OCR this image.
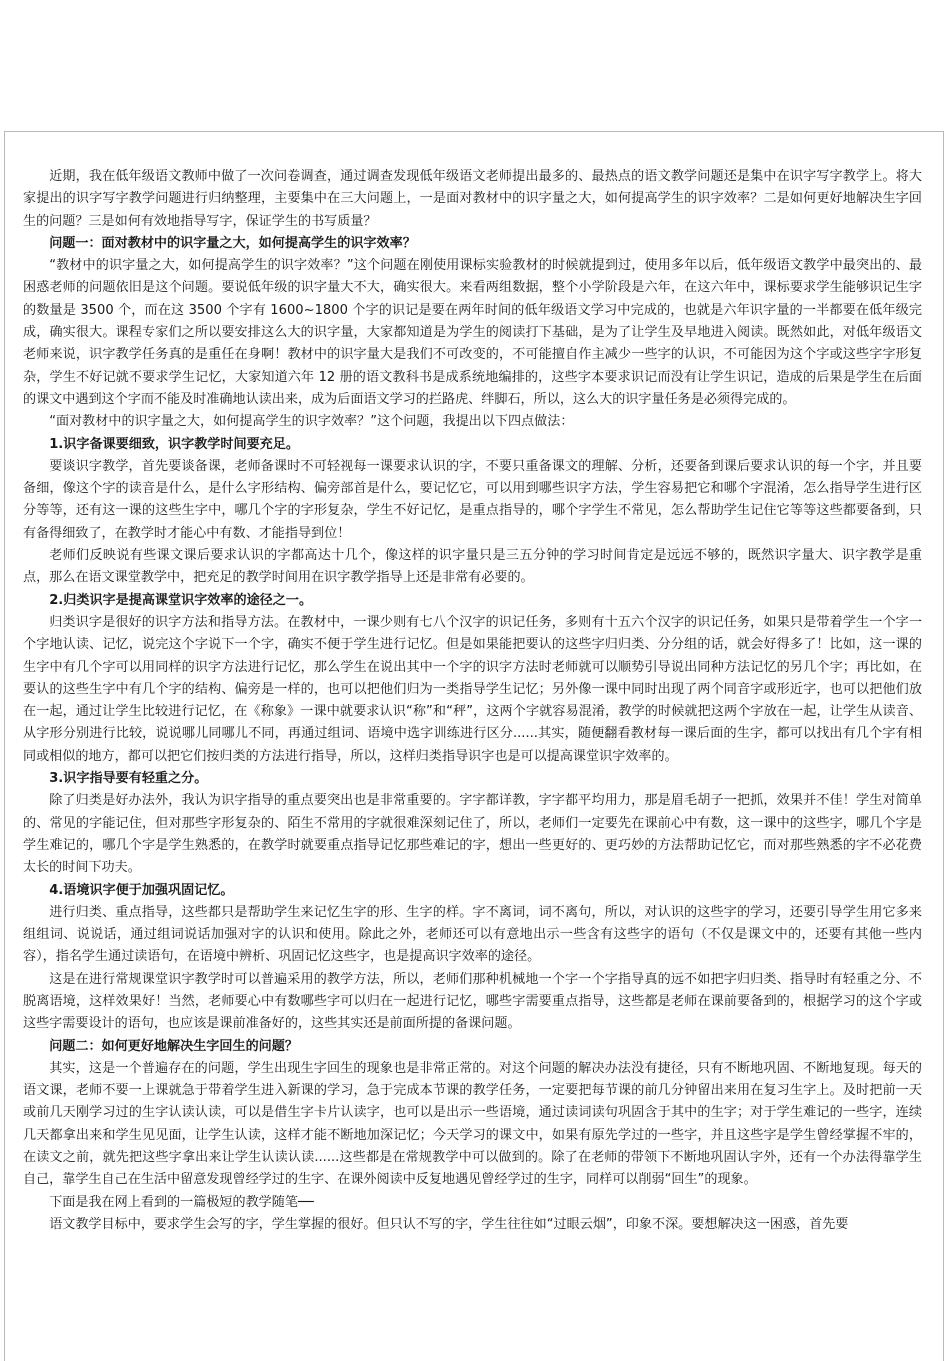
近期，我在低年级语文教师中做了一次问卷调查，通过调查发现低年级语文老师提出最多的、最热点的语文教学问题还是集中在识字写字教学上。将大家提出的识字写字教学问题进行归纳整理，主要集中在三大问题上，一是面对教材中的识字量之大，如何提高学生的识字效率？二是如何更好地解决生字回生的问题？三是如何有效地指导写字，保证学生的书写质量？

问题一：面对教材中的识字量之大，如何提高学生的识字效率？

“教材中的识字量之大，如何提高学生的识字效率？”这个问题在刚使用课标实验教材的时候就提到过，使用多年以后，低年级语文教学中最突出的、最困惑老师的问题依旧是这个问题。要说低年级的识字量大不大，确实很大。来看两组数据，整个小学阶段是六年，在这六年中，课标要求学生能够识记生字的数量是 3500 个，而在这 3500 个字有 1600~1800 个字的识记是要在两年时间的低年级语文学习中完成的，也就是六年识字量的一半都要在低年级完成，确实很大。课程专家们之所以要安排这么大的识字量，大家都知道是为学生的阅读打下基础，是为了让学生及早地进入阅读。既然如此，对低年级语文老师来说，识字教学任务真的是重任在身啊！教材中的识字量大是我们不可改变的，不可能擅自作主减少一些字的认识，不可能因为这个字或这些字字形复杂，学生不好记就不要求学生记忆，大家知道六年 12 册的语文教科书是成系统地编排的，这些字本要求识记而没有让学生识记，造成的后果是学生在后面的课文中遇到这个字而不能及时准确地认读出来，成为后面语文学习的拦路虎、绊脚石，所以，这么大的识字量任务是必须得完成的。

“面对教材中的识字量之大，如何提高学生的识字效率？”这个问题，我提出以下四点做法：

1.识字备课要细致，识字教学时间要充足。

要谈识字教学，首先要谈备课，老师备课时不可轻视每一课要求认识的字，不要只重备课文的理解、分析，还要备到课后要求认识的每一个字，并且要备细，像这个字的读音是什么，是什么字形结构、偏旁部首是什么，要记忆它，可以用到哪些识字方法，学生容易把它和哪个字混淆，怎么指导学生进行区分等等，还有这一课的这些生字中，哪几个字的字形复杂，学生不好记忆，是重点指导的，哪个字学生不常见，怎么帮助学生记住它等等这些都要备到，只有备得细致了，在教学时才能心中有数、才能指导到位！

老师们反映说有些课文课后要求认识的字都高达十几个，像这样的识字量只是三五分钟的学习时间肯定是远远不够的，既然识字量大、识字教学是重点，那么在语文课堂教学中，把充足的教学时间用在识字教学指导上还是非常有必要的。

2.归类识字是提高课堂识字效率的途径之一。

归类识字是很好的识字方法和指导方法。在教材中，一课少则有七八个汉字的识记任务，多则有十五六个汉字的识记任务，如果只是带着学生一个字一个字地认读、记忆，说完这个字说下一个字，确实不便于学生进行记忆。但是如果能把要认的这些字归归类、分分组的话，就会好得多了！比如，这一课的生字中有几个字可以用同样的识字方法进行记忆，那么学生在说出其中一个字的识字方法时老师就可以顺势引导说出同种方法记忆的另几个字；再比如，在要认的这些生字中有几个字的结构、偏旁是一样的，也可以把他们归为一类指导学生记忆；另外像一课中同时出现了两个同音字或形近字，也可以把他们放在一起，通过让学生比较进行记忆，在《称象》一课中就要求认识“称”和“秤”，这两个字就容易混淆，教学的时候就把这两个字放在一起，让学生从读音、从字形分别进行比较，说说哪儿同哪儿不同，再通过组词、语境中选字训练进行区分......其实，随便翻看教材每一课后面的生字，都可以找出有几个字有相同或相似的地方，都可以把它们按归类的方法进行指导，所以，这样归类指导识字也是可以提高课堂识字效率的。

3.识字指导要有轻重之分。

除了归类是好办法外，我认为识字指导的重点要突出也是非常重要的。字字都详教，字字都平均用力，那是眉毛胡子一把抓，效果并不佳！学生对简单的、常见的字能记住，但对那些字形复杂的、陌生不常用的字就很难深刻记住了，所以，老师们一定要先在课前心中有数，这一课中的这些字，哪几个字是学生难记的，哪几个字是学生熟悉的，在教学时就要重点指导记忆那些难记的字，想出一些更好的、更巧妙的方法帮助记忆它，而对那些熟悉的字不必花费太长的时间下功夫。

4.语境识字便于加强巩固记忆。

进行归类、重点指导，这些都只是帮助学生来记忆生字的形、生字的样。字不离词，词不离句，所以，对认识的这些字的学习，还要引导学生用它多来组组词、说说话，通过组词说话加强对字的认识和使用。除此之外，老师还可以有意地出示一些含有这些字的语句（不仅是课文中的，还要有其他一些内容），指名学生通过读语句，在语境中辨析、巩固记忆这些字，也是提高识字效率的途径。

这是在进行常规课堂识字教学时可以普遍采用的教学方法，所以，老师们那种机械地一个字一个字指导真的远不如把字归归类、指导时有轻重之分、不脱离语境，这样效果好！当然，老师要心中有数哪些字可以归在一起进行记忆，哪些字需要重点指导，这些都是老师在课前要备到的，根据学习的这个字或这些字需要设计的语句，也应该是课前准备好的，这些其实还是前面所提的备课问题。

问题二：如何更好地解决生字回生的问题？

其实，这是一个普遍存在的问题，学生出现生字回生的现象也是非常正常的。对这个问题的解决办法没有捷径，只有不断地巩固、不断地复现。每天的语文课，老师不要一上课就急于带着学生进入新课的学习，急于完成本节课的教学任务，一定要把每节课的前几分钟留出来用在复习生字上。及时把前一天或前几天刚学习过的生字认读认读，可以是借生字卡片认读字，也可以是出示一些语境，通过读词读句巩固含于其中的生字；对于学生难记的一些字，连续几天都拿出来和学生见见面，让学生认读，这样才能不断地加深记忆；今天学习的课文中，如果有原先学过的一些字，并且这些字是学生曾经掌握不牢的，在读文之前，就先把这些字拿出来让学生认读认读......这些都是在常规教学中可以做到的。除了在老师的带领下不断地巩固认字外，还有一个办法得靠学生自己，靠学生自己在生活中留意发现曾经学过的生字、在课外阅读中反复地遇见曾经学过的生字，同样可以削弱“回生”的现象。

下面是我在网上看到的一篇极短的教学随笔──

语文教学目标中，要求学生会写的字，学生掌握的很好。但只认不写的字，学生往往如“过眼云烟”，印象不深。要想解决这一困惑，首先要
